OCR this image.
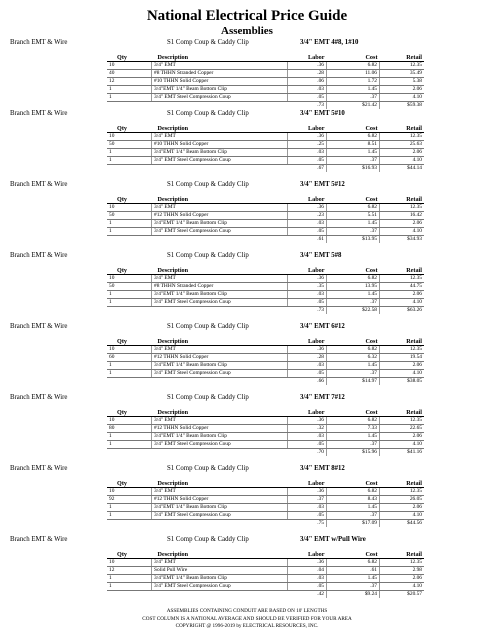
National Electrical Price Guide
Assemblies
Branch EMT & Wire	S1 Comp Coup & Caddy Clip	3/4" EMT 4#8, 1#10
Qty	Description	Labor	Cost	Retail
10	3/4" EMT	.36	6.82	12.35
40	#8 THHN Stranded Copper	.28	11.06	35.49
12	#10 THHN Solid Copper	.06	1.72	5.38
1	3/4"EMT 1/4" Beam Bottom Clip	.03	1.45	2.06
1	3/4" EMT Steel Compression Coup	.05	.37	4.10
		.73	$21.42	$59.38
Branch EMT & Wire	S1 Comp Coup & Caddy Clip	3/4" EMT 5#10
Qty	Description	Labor	Cost	Retail
10	3/4" EMT	.36	6.82	12.35
50	#10 THHN Solid Copper	.25	8.51	25.63
1	3/4"EMT 1/4" Beam Bottom Clip	.03	1.45	2.06
1	3/4" EMT Steel Compression Coup	.05	.37	4.10
		.67	$16.93	$44.14
Branch EMT & Wire	S1 Comp Coup & Caddy Clip	3/4" EMT 5#12
Qty	Description	Labor	Cost	Retail
10	3/4" EMT	.36	6.82	12.35
50	#12 THHN Solid Copper	.23	5.51	16.42
1	3/4"EMT 1/4" Beam Bottom Clip	.03	1.45	2.06
1	3/4" EMT Steel Compression Coup	.05	.37	4.10
		.61	$13.95	$34.93
Branch EMT & Wire	S1 Comp Coup & Caddy Clip	3/4" EMT 5#8
Qty	Description	Labor	Cost	Retail
10	3/4" EMT	.36	6.82	12.35
50	#8 THHN Stranded Copper	.35	13.95	44.75
1	3/4"EMT 1/4" Beam Bottom Clip	.03	1.45	2.06
1	3/4" EMT Steel Compression Coup	.05	.37	4.10
		.73	$22.58	$63.26
Branch EMT & Wire	S1 Comp Coup & Caddy Clip	3/4" EMT 6#12
Qty	Description	Labor	Cost	Retail
10	3/4" EMT	.36	6.82	12.35
60	#12 THHN Solid Copper	.28	6.32	19.54
1	3/4"EMT 1/4" Beam Bottom Clip	.03	1.45	2.06
1	3/4" EMT Steel Compression Coup	.05	.37	4.10
		.66	$14.97	$38.05
Branch EMT & Wire	S1 Comp Coup & Caddy Clip	3/4" EMT 7#12
Qty	Description	Labor	Cost	Retail
10	3/4" EMT	.36	6.82	12.35
80	#12 THHN Solid Copper	.32	7.33	22.65
1	3/4"EMT 1/4" Beam Bottom Clip	.03	1.45	2.06
1	3/4" EMT Steel Compression Coup	.05	.37	4.10
		.70	$15.96	$41.16
Branch EMT & Wire	S1 Comp Coup & Caddy Clip	3/4" EMT 8#12
Qty	Description	Labor	Cost	Retail
10	3/4" EMT	.36	6.82	12.35
92	#12 THHN Solid Copper	.37	8.43	26.05
1	3/4"EMT 1/4" Beam Bottom Clip	.03	1.45	2.06
1	3/4" EMT Steel Compression Coup	.05	.37	4.10
		.75	$17.09	$44.56
Branch EMT & Wire	S1 Comp Coup & Caddy Clip	3/4" EMT w/Pull Wire
Qty	Description	Labor	Cost	Retail
10	3/4" EMT	.36	6.82	12.35
12	Solid Pull Wire	.04	.61	2.98
1	3/4"EMT 1/4" Beam Bottom Clip	.03	1.45	2.06
1	3/4" EMT Steel Compression Coup	.05	.37	4.10
		.42	$9.24	$20.57
ASSEMBLIES CONTAINING CONDUIT ARE BASED ON 10' LENGTHS
COST COLUMN IS A NATIONAL AVERAGE AND SHOULD BE VERIFIED FOR YOUR AREA
COPYRIGHT @ 1996-2019 by ELECTRICAL RESOURCES, INC.
